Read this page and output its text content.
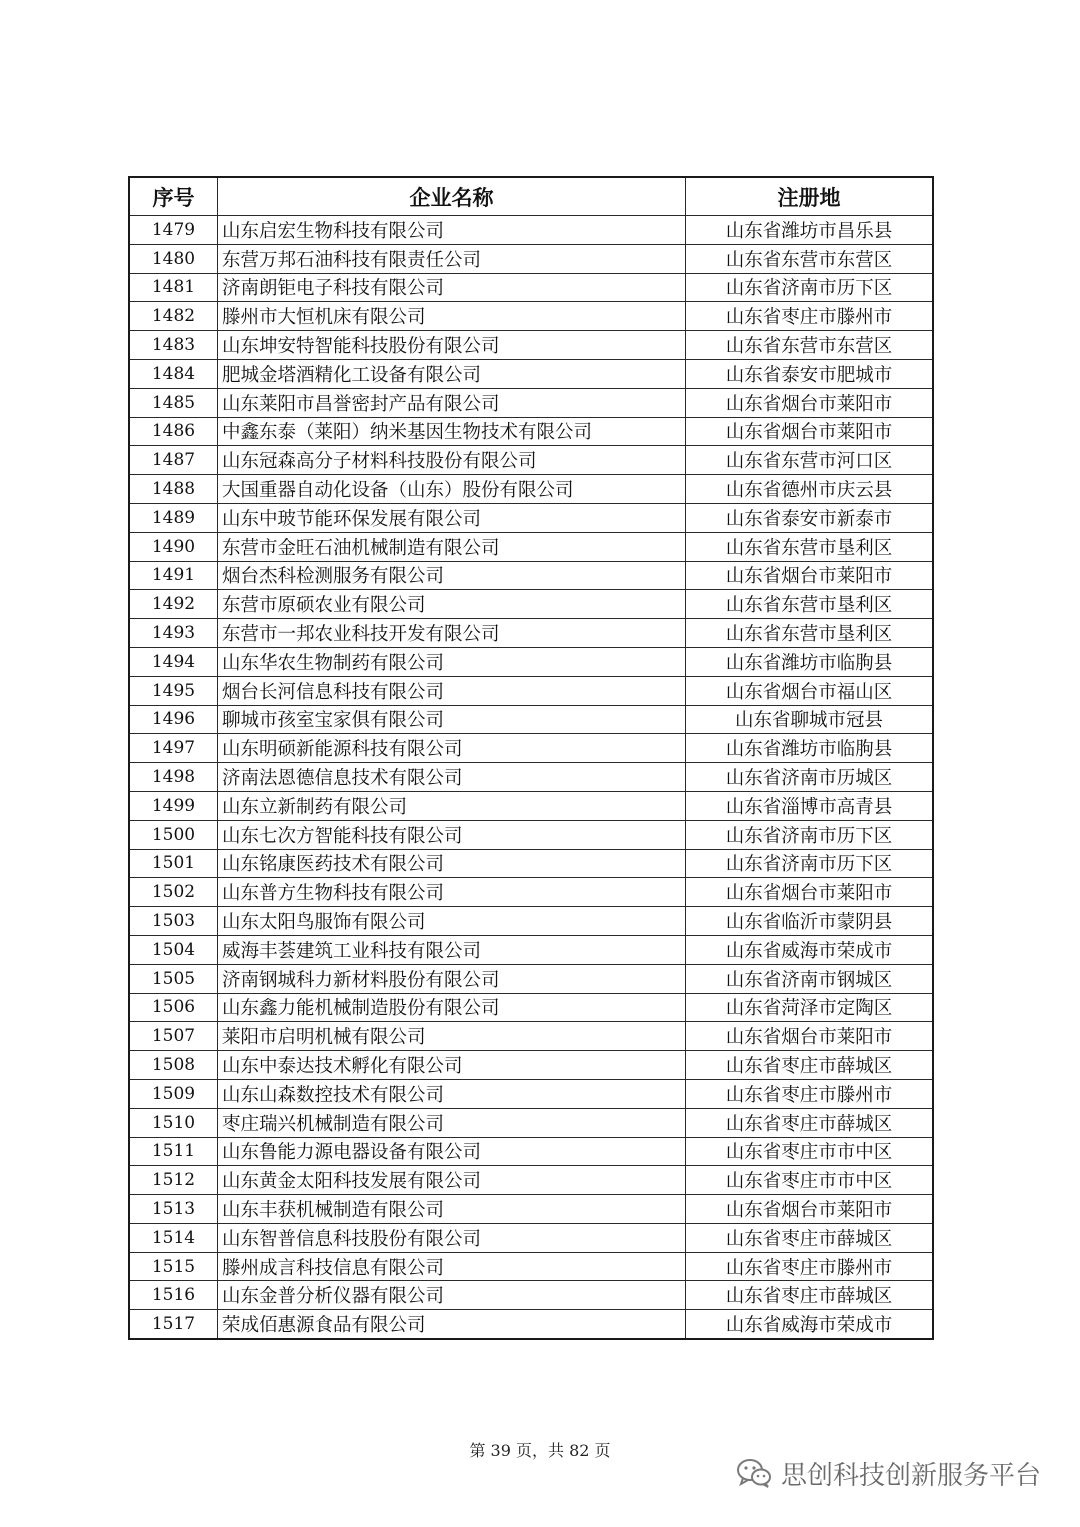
序号	企业名称	注册地
1479	山东启宏生物科技有限公司	山东省潍坊市昌乐县
1480	东营万邦石油科技有限责任公司	山东省东营市东营区
1481	济南朗钜电子科技有限公司	山东省济南市历下区
1482	滕州市大恒机床有限公司	山东省枣庄市滕州市
1483	山东坤安特智能科技股份有限公司	山东省东营市东营区
1484	肥城金塔酒精化工设备有限公司	山东省泰安市肥城市
1485	山东莱阳市昌誉密封产品有限公司	山东省烟台市莱阳市
1486	中鑫东泰（莱阳）纳米基因生物技术有限公司	山东省烟台市莱阳市
1487	山东冠森高分子材料科技股份有限公司	山东省东营市河口区
1488	大国重器自动化设备（山东）股份有限公司	山东省德州市庆云县
1489	山东中玻节能环保发展有限公司	山东省泰安市新泰市
1490	东营市金旺石油机械制造有限公司	山东省东营市垦利区
1491	烟台杰科检测服务有限公司	山东省烟台市莱阳市
1492	东营市原硕农业有限公司	山东省东营市垦利区
1493	东营市一邦农业科技开发有限公司	山东省东营市垦利区
1494	山东华农生物制药有限公司	山东省潍坊市临朐县
1495	烟台长河信息科技有限公司	山东省烟台市福山区
1496	聊城市孩室宝家俱有限公司	山东省聊城市冠县
1497	山东明硕新能源科技有限公司	山东省潍坊市临朐县
1498	济南法恩德信息技术有限公司	山东省济南市历城区
1499	山东立新制药有限公司	山东省淄博市高青县
1500	山东七次方智能科技有限公司	山东省济南市历下区
1501	山东铭康医药技术有限公司	山东省济南市历下区
1502	山东普方生物科技有限公司	山东省烟台市莱阳市
1503	山东太阳鸟服饰有限公司	山东省临沂市蒙阴县
1504	威海丰荟建筑工业科技有限公司	山东省威海市荣成市
1505	济南钢城科力新材料股份有限公司	山东省济南市钢城区
1506	山东鑫力能机械制造股份有限公司	山东省菏泽市定陶区
1507	莱阳市启明机械有限公司	山东省烟台市莱阳市
1508	山东中泰达技术孵化有限公司	山东省枣庄市薛城区
1509	山东山森数控技术有限公司	山东省枣庄市滕州市
1510	枣庄瑞兴机械制造有限公司	山东省枣庄市薛城区
1511	山东鲁能力源电器设备有限公司	山东省枣庄市市中区
1512	山东黄金太阳科技发展有限公司	山东省枣庄市市中区
1513	山东丰获机械制造有限公司	山东省烟台市莱阳市
1514	山东智普信息科技股份有限公司	山东省枣庄市薛城区
1515	滕州成言科技信息有限公司	山东省枣庄市滕州市
1516	山东金普分析仪器有限公司	山东省枣庄市薛城区
1517	荣成佰惠源食品有限公司	山东省威海市荣成市
第 39 页，共 82 页
思创科技创新服务平台
